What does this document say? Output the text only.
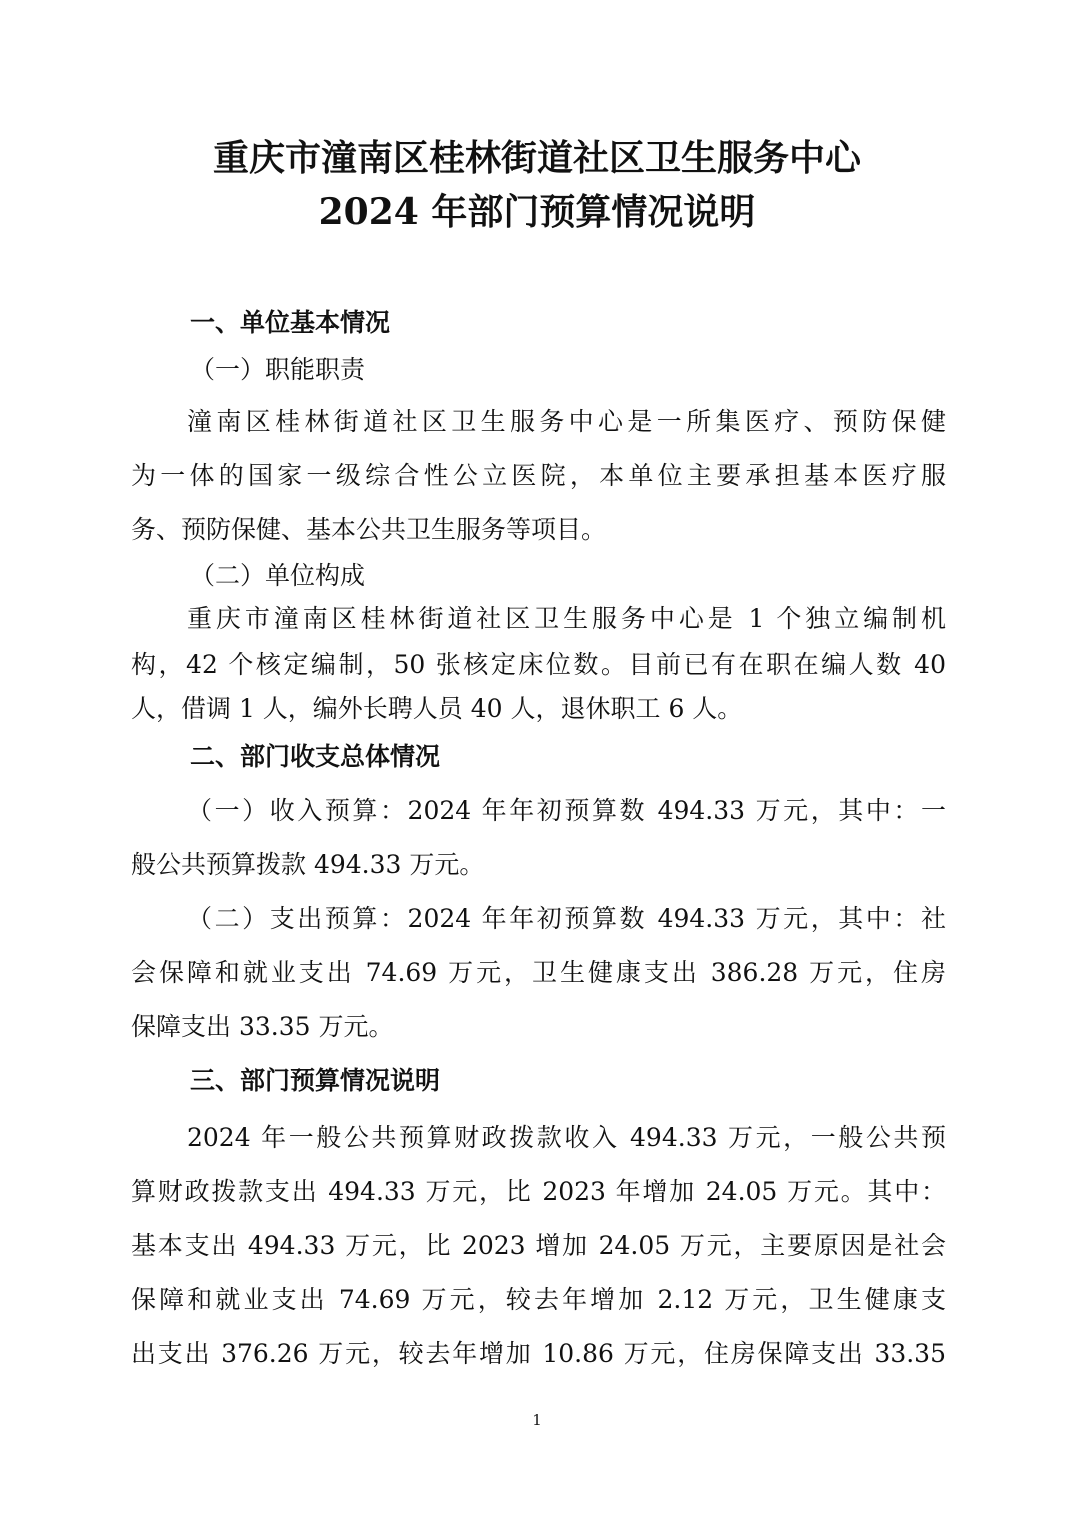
重庆市潼南区桂林街道社区卫生服务中心
2024 年部门预算情况说明
一、单位基本情况
（一）职能职责
潼南区桂林街道社区卫生服务中心是一所集医疗、预防保健
为一体的国家一级综合性公立医院，本单位主要承担基本医疗服
务、预防保健、基本公共卫生服务等项目。
（二）单位构成
重庆市潼南区桂林街道社区卫生服务中心是 1 个独立编制机
构，42 个核定编制，50 张核定床位数。目前已有在职在编人数 40
人，借调 1 人，编外长聘人员 40 人，退休职工 6 人。
二、部门收支总体情况
（一）收入预算：2024 年年初预算数 494.33 万元，其中：一
般公共预算拨款 494.33 万元。
（二）支出预算：2024 年年初预算数 494.33 万元，其中：社
会保障和就业支出 74.69 万元，卫生健康支出 386.28 万元，住房
保障支出 33.35 万元。
三、部门预算情况说明
2024 年一般公共预算财政拨款收入 494.33 万元，一般公共预
算财政拨款支出 494.33 万元，比 2023 年增加 24.05 万元。其中：
基本支出 494.33 万元，比 2023 增加 24.05 万元，主要原因是社会
保障和就业支出 74.69 万元，较去年增加 2.12 万元，卫生健康支
出支出 376.26 万元，较去年增加 10.86 万元，住房保障支出 33.35
1
